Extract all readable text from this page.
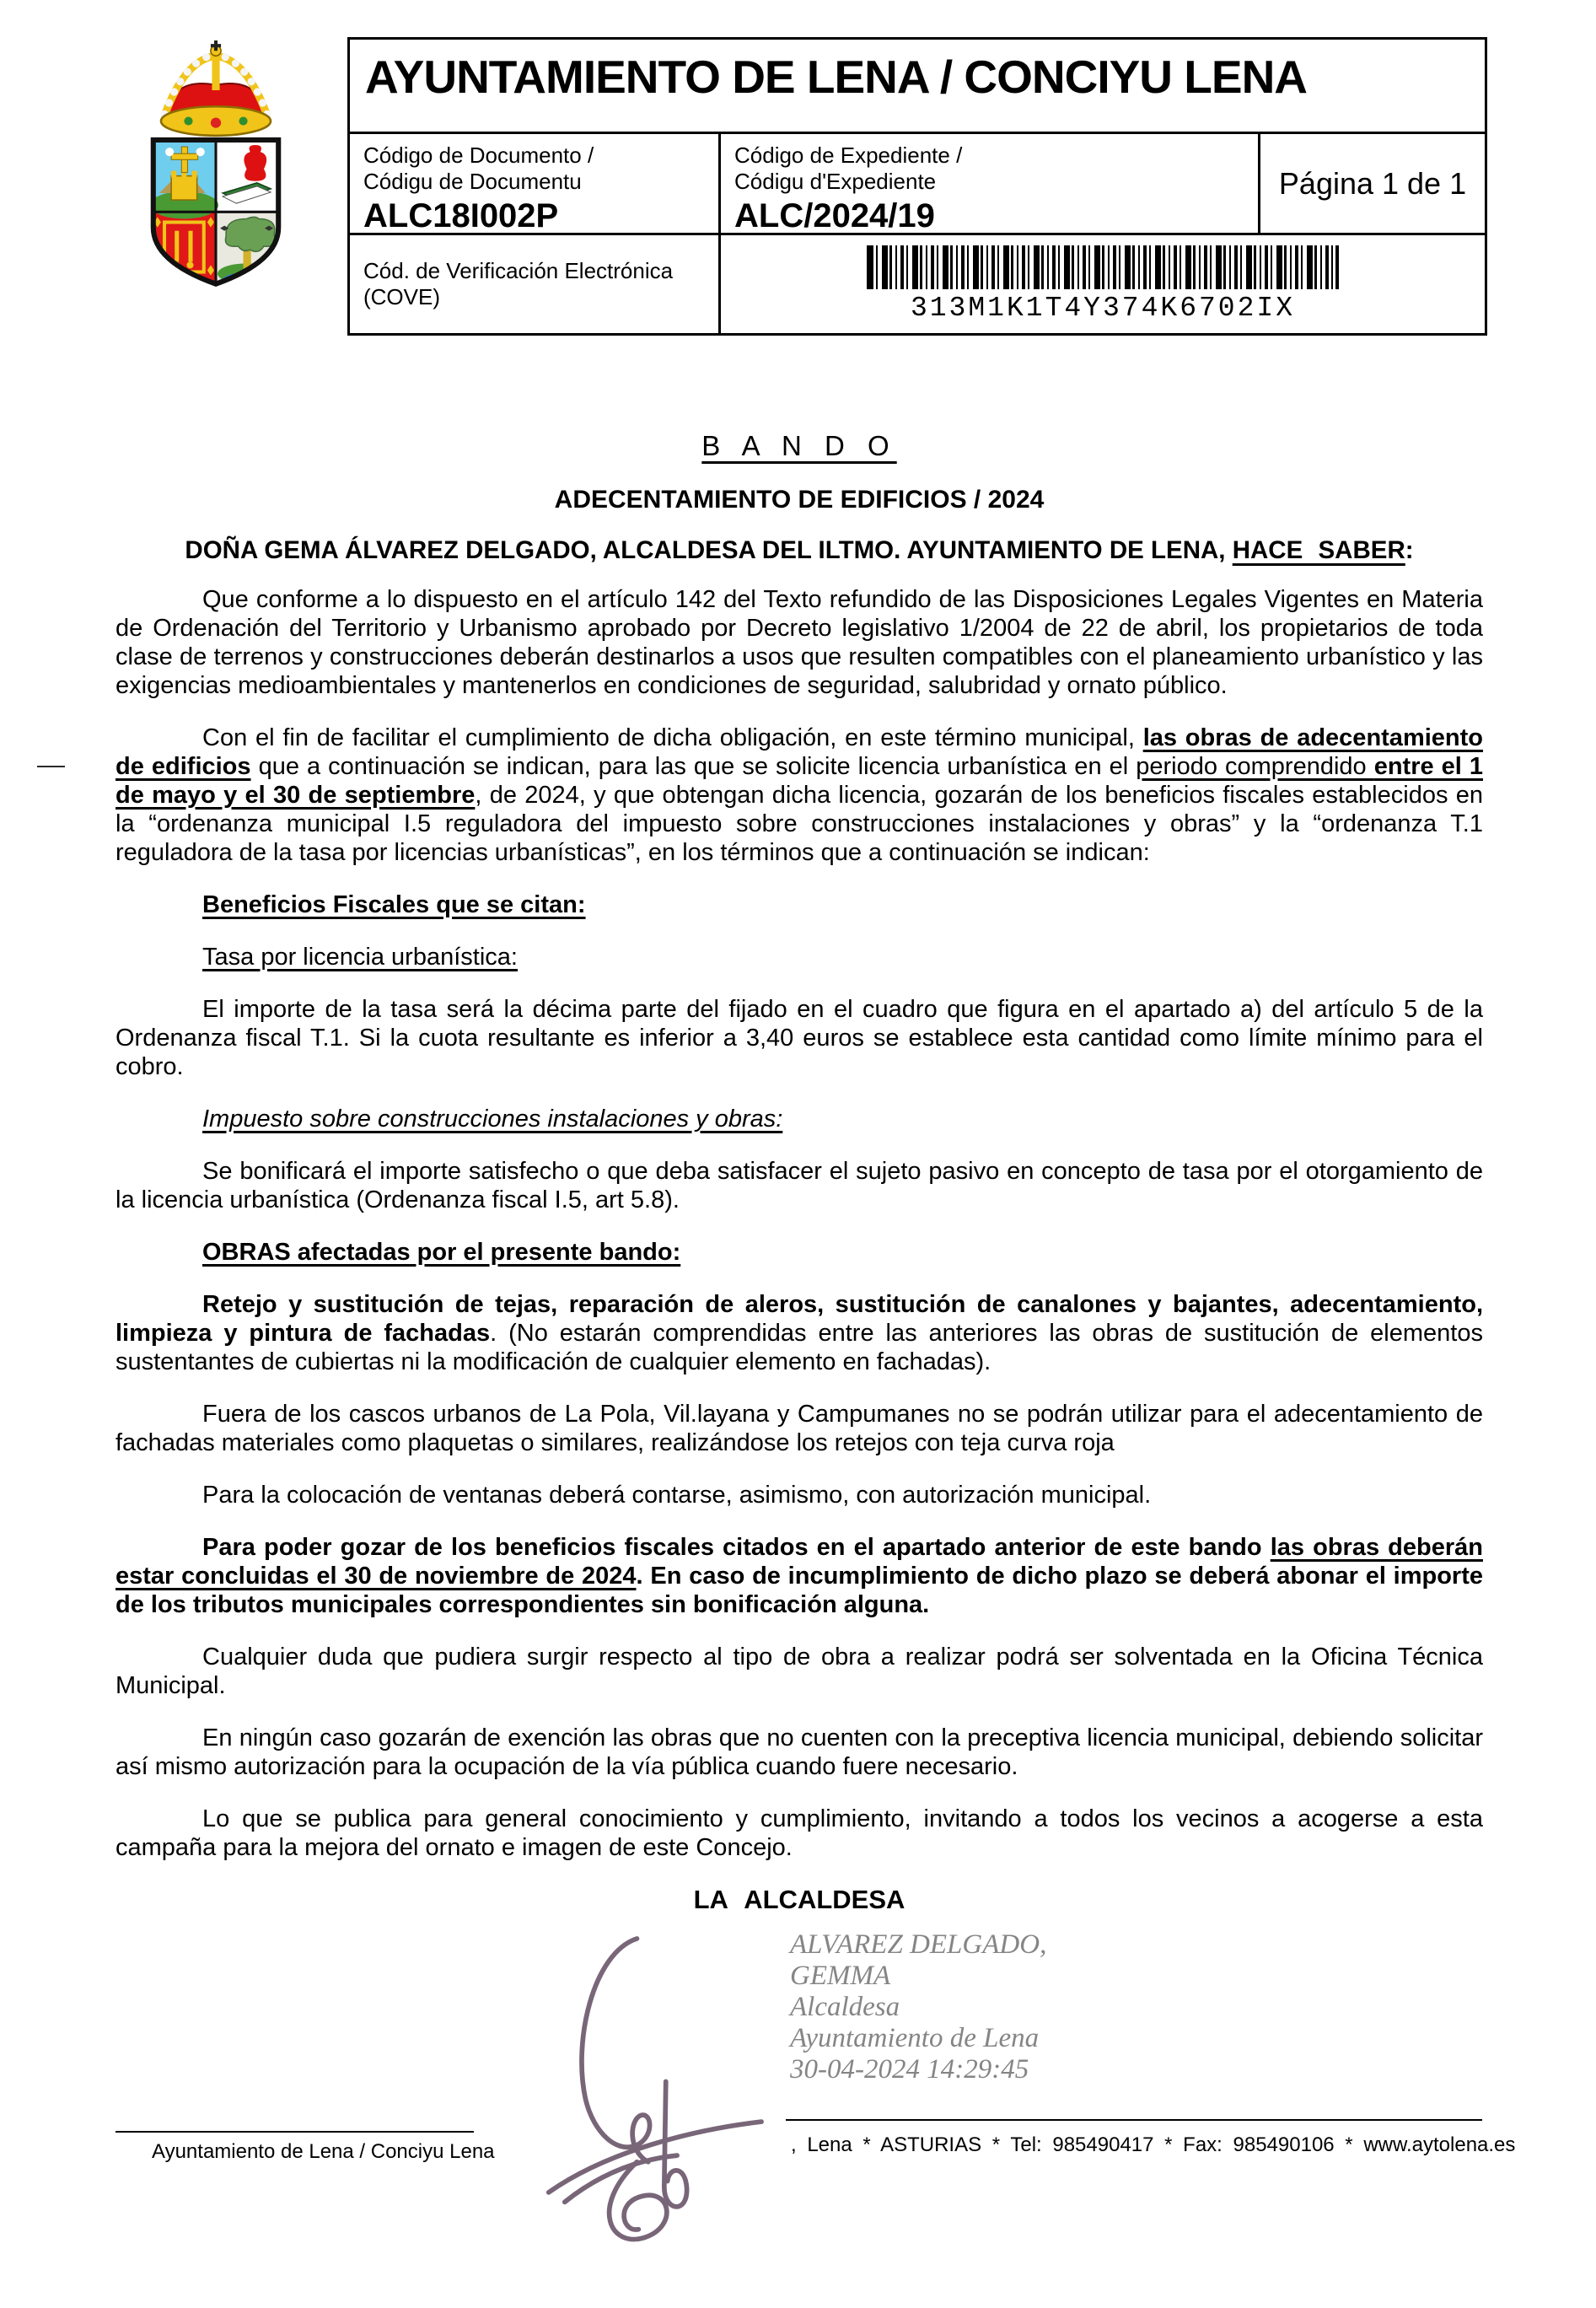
AYUNTAMIENTO DE LENA / CONCIYU LENA
Código de Documento /
Códigu de Documentu
ALC18I002P
Código de Expediente /
Códigu d'Expediente
ALC/2024/19
Página 1 de 1
Cód. de Verificación Electrónica (COVE)	313M1K1T4Y374K6702IX
B A N D O
ADECENTAMIENTO DE EDIFICIOS / 2024
DOÑA GEMA ÁLVAREZ DELGADO, ALCALDESA DEL ILTMO. AYUNTAMIENTO DE LENA, HACE SABER:

Que conforme a lo dispuesto en el artículo 142 del Texto refundido de las Disposiciones Legales Vigentes en Materia de Ordenación del Territorio y Urbanismo aprobado por Decreto legislativo 1/2004 de 22 de abril, los propietarios de toda clase de terrenos y construcciones deberán destinarlos a usos que resulten compatibles con el planeamiento urbanístico y las exigencias medioambientales y mantenerlos en condiciones de seguridad, salubridad y ornato público.

Con el fin de facilitar el cumplimiento de dicha obligación, en este término municipal, las obras de adecentamiento de edificios que a continuación se indican, para las que se solicite licencia urbanística en el periodo comprendido entre el 1 de mayo y el 30 de septiembre, de 2024, y que obtengan dicha licencia, gozarán de los beneficios fiscales establecidos en la “ordenanza municipal I.5 reguladora del impuesto sobre construcciones instalaciones y obras” y la “ordenanza T.1 reguladora de la tasa por licencias urbanísticas”, en los términos que a continuación se indican:

Beneficios Fiscales que se citan:
Tasa por licencia urbanística:

El importe de la tasa será la décima parte del fijado en el cuadro que figura en el apartado a) del artículo 5 de la Ordenanza fiscal T.1. Si la cuota resultante es inferior a 3,40 euros se establece esta cantidad como límite mínimo para el cobro.

Impuesto sobre construcciones instalaciones y obras:

Se bonificará el importe satisfecho o que deba satisfacer el sujeto pasivo en concepto de tasa por el otorgamiento de la licencia urbanística (Ordenanza fiscal I.5, art 5.8).

OBRAS afectadas por el presente bando:

Retejo y sustitución de tejas, reparación de aleros, sustitución de canalones y bajantes, adecentamiento, limpieza y pintura de fachadas. (No estarán comprendidas entre las anteriores las obras de sustitución de elementos sustentantes de cubiertas ni la modificación de cualquier elemento en fachadas).

Fuera de los cascos urbanos de La Pola, Vil.layana y Campumanes no se podrán utilizar para el adecentamiento de fachadas materiales como plaquetas o similares, realizándose los retejos con teja curva roja

Para la colocación de ventanas deberá contarse, asimismo, con autorización municipal.

Para poder gozar de los beneficios fiscales citados en el apartado anterior de este bando las obras deberán estar concluidas el 30 de noviembre de 2024. En caso de incumplimiento de dicho plazo se deberá abonar el importe de los tributos municipales correspondientes sin bonificación alguna.

Cualquier duda que pudiera surgir respecto al tipo de obra a realizar podrá ser solventada en la Oficina Técnica Municipal.

En ningún caso gozarán de exención las obras que no cuenten con la preceptiva licencia municipal, debiendo solicitar así mismo autorización para la ocupación de la vía pública cuando fuere necesario.

Lo que se publica para general conocimiento y cumplimiento, invitando a todos los vecinos a acogerse a esta campaña para la mejora del ornato e imagen de este Concejo.

LA ALCALDESA
ALVAREZ DELGADO,
GEMMA
Alcaldesa
Ayuntamiento de Lena
30-04-2024 14:29:45
Ayuntamiento de Lena / Conciyu Lena	, Lena * ASTURIAS * Tel: 985490417 * Fax: 985490106 * www.aytolena.es
